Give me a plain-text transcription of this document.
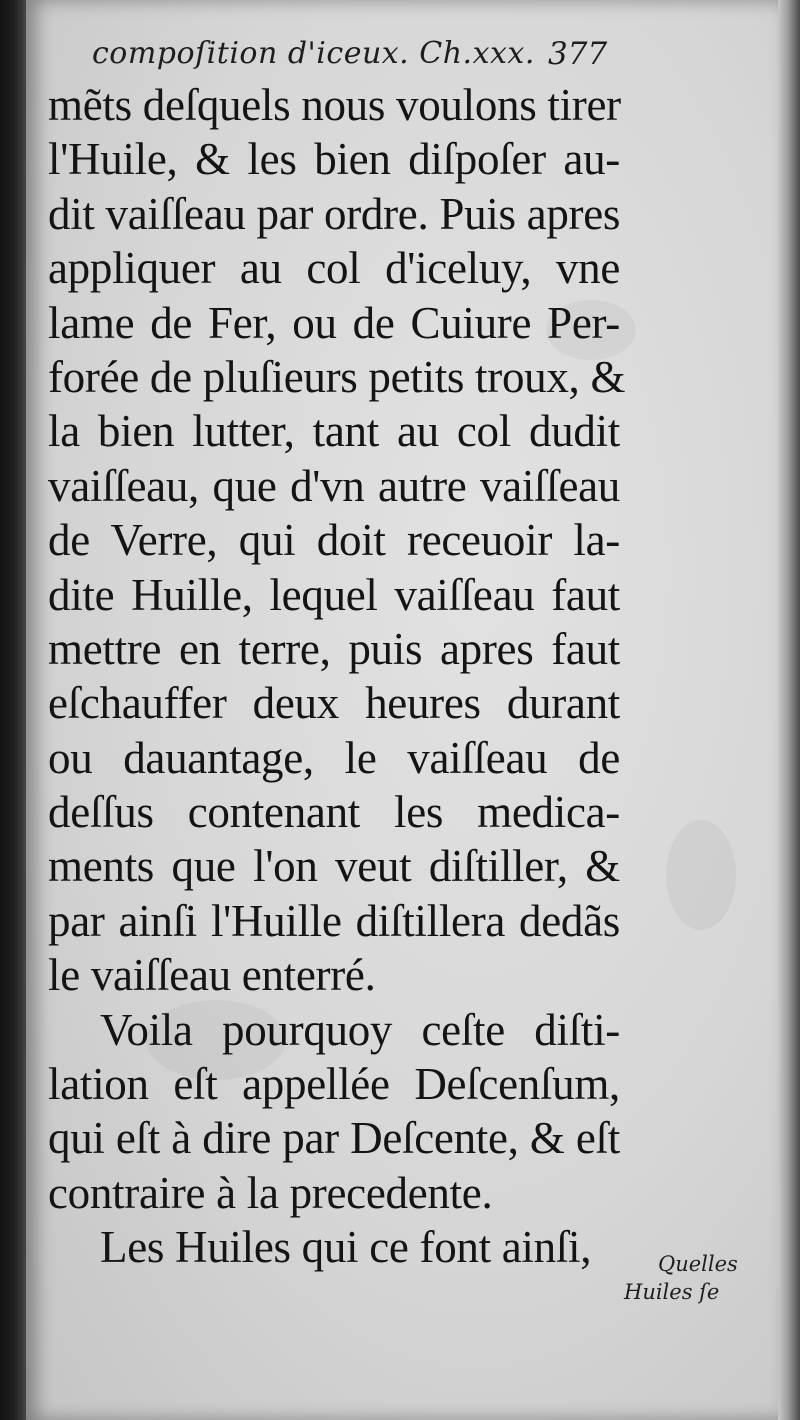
compoſition d'iceux. Ch.xxx. 377
mẽts deſquels nous voulons tirer
l'Huile, & les bien diſpoſer au-
dit vaiſſeau par ordre. Puis apres
appliquer au col d'iceluy, vne
lame de Fer, ou de Cuiure Per-
forée de pluſieurs petits troux, &
la bien lutter, tant au col dudit
vaiſſeau, que d'vn autre vaiſſeau
de Verre, qui doit receuoir la-
dite Huille, lequel vaiſſeau faut
mettre en terre, puis apres faut
eſchauffer deux heures durant
ou dauantage, le vaiſſeau de
deſſus contenant les medica-
ments que l'on veut diſtiller, &
par ainſi l'Huille diſtillera dedãs
le vaiſſeau enterré.
Voila pourquoy ceſte diſti-
lation eſt appellée Deſcenſum,
qui eſt à dire par Deſcente, & eſt
contraire à la precedente.
Les Huiles qui ce font ainſi,	Quelles
Huiles ſe
